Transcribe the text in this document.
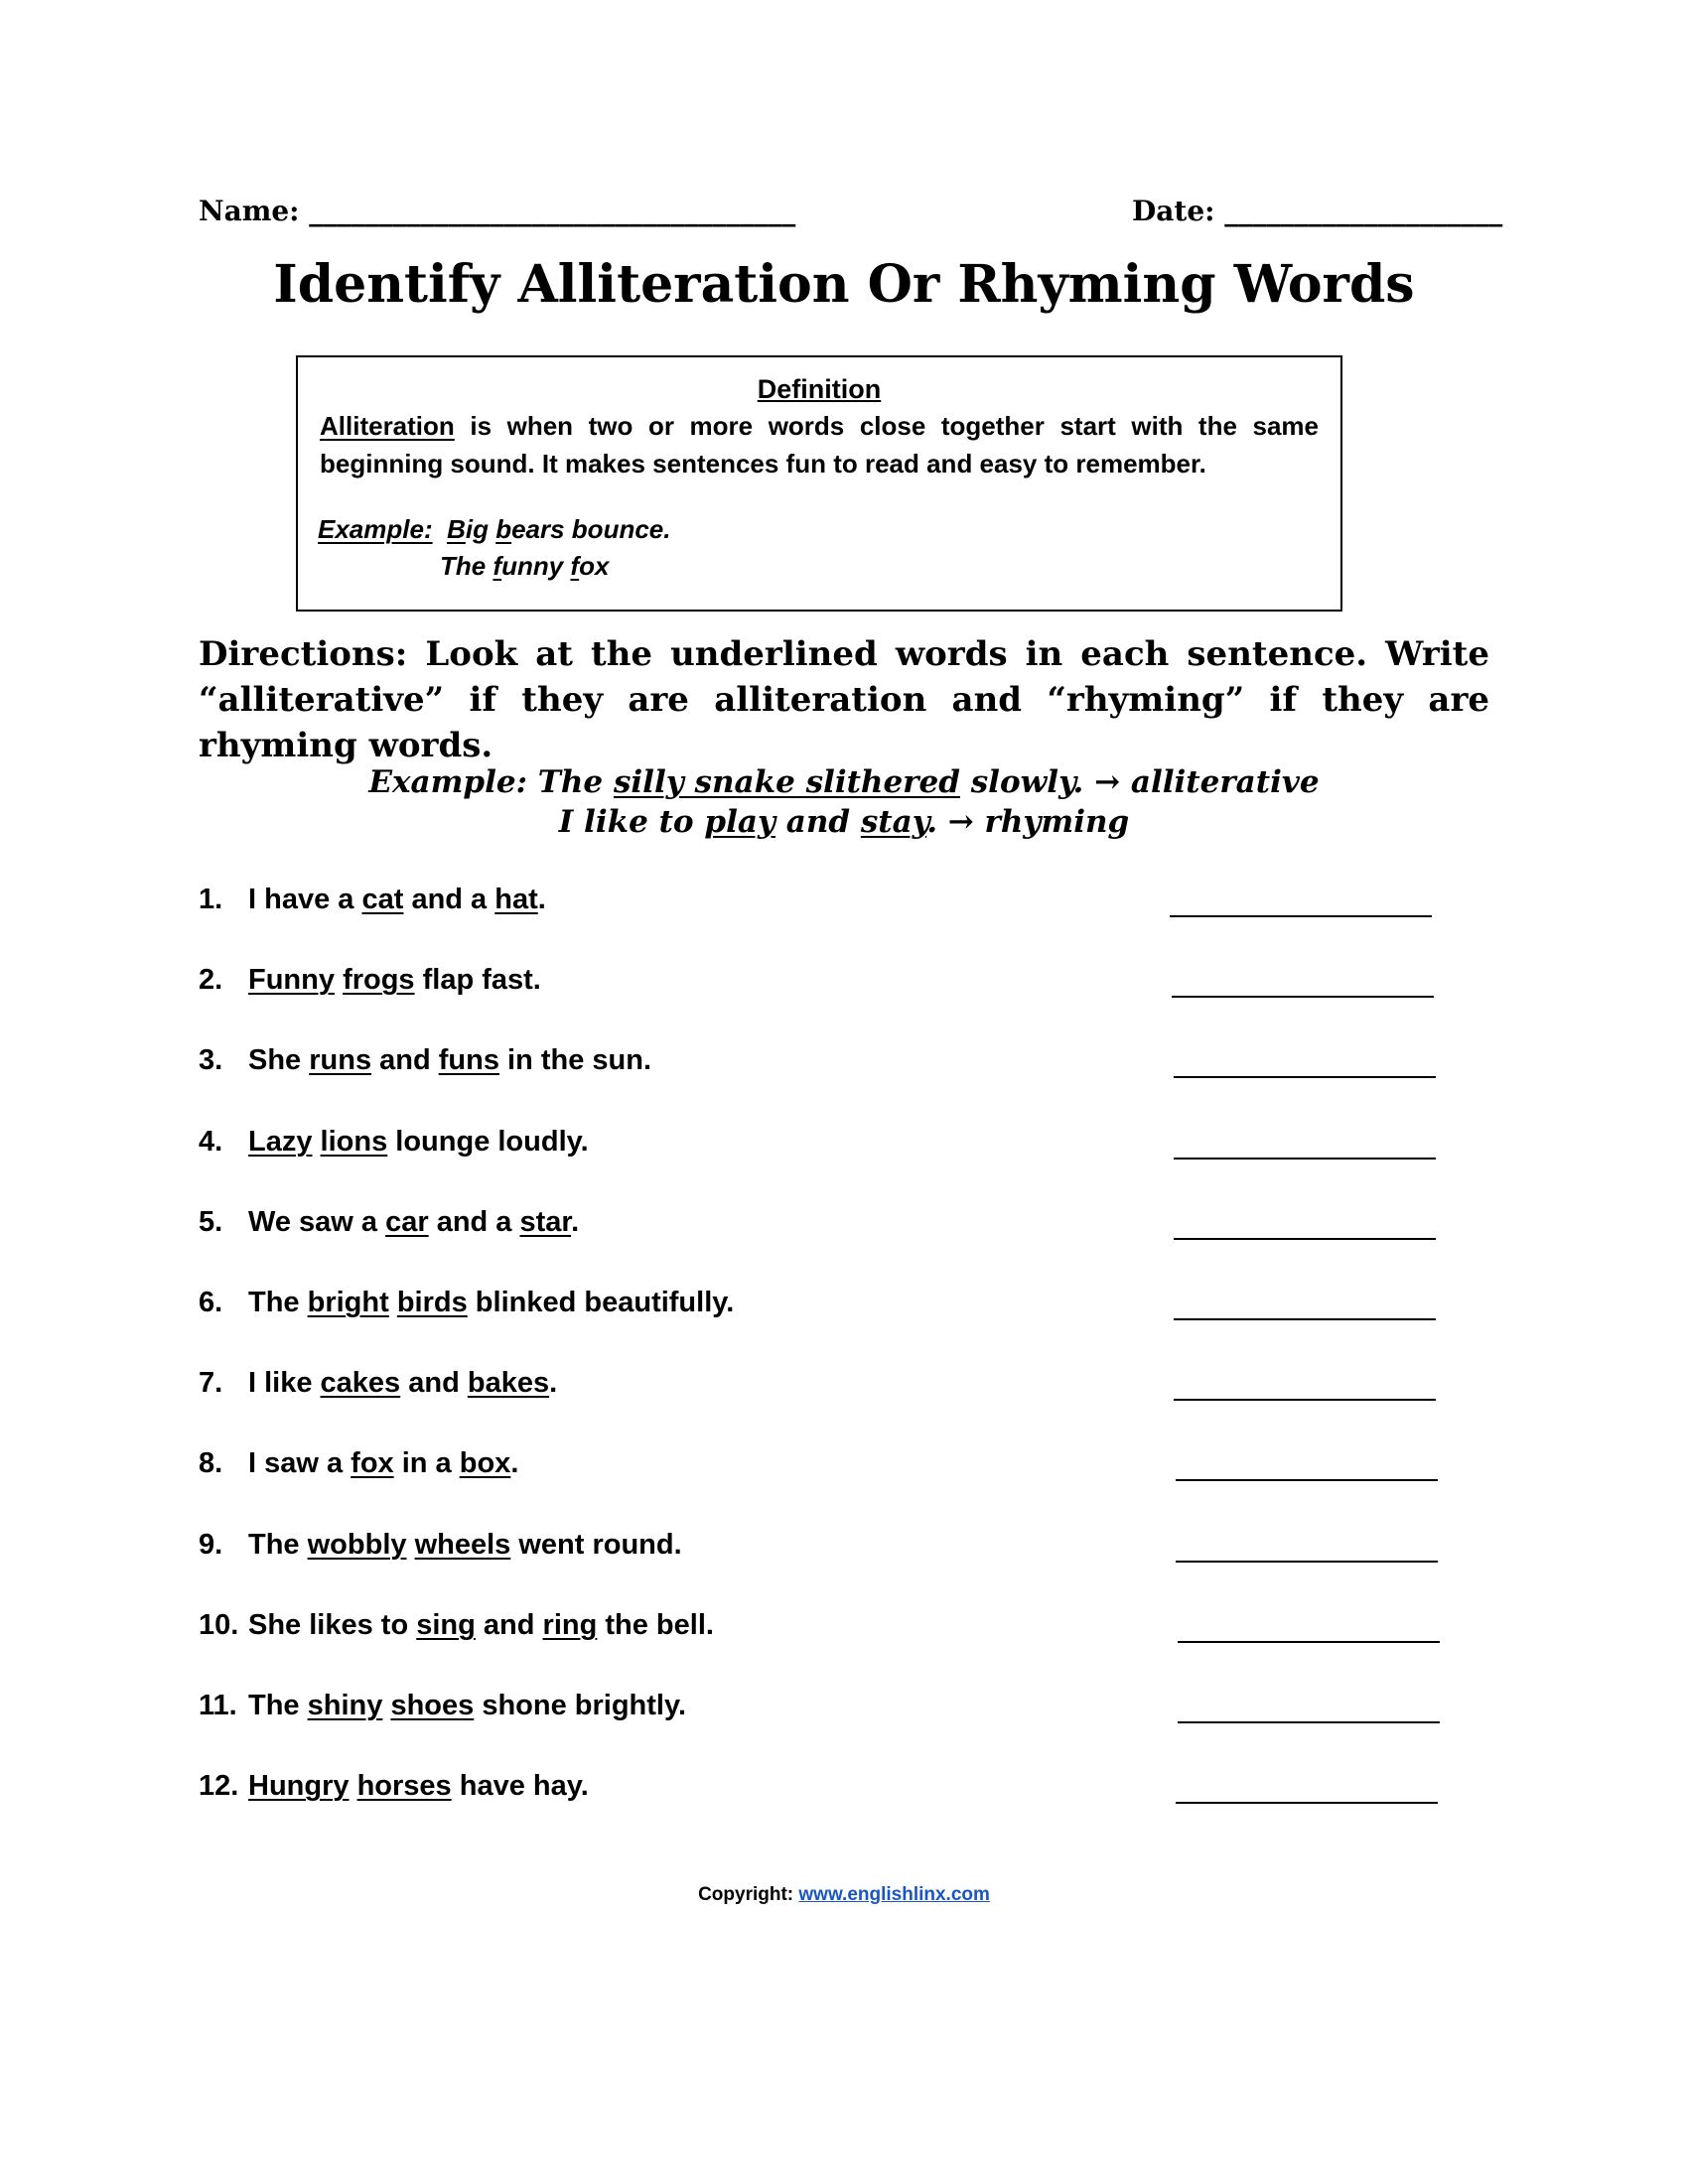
Name: ___________________________________	Date: ____________________
Identify Alliteration Or Rhyming Words
Definition
Alliteration is when two or more words close together start with the same beginning sound. It makes sentences fun to read and easy to remember.
Example: Big bears bounce.
The funny fox
Directions: Look at the underlined words in each sentence. Write “alliterative” if they are alliteration and “rhyming” if they are rhyming words.
Example: The silly snake slithered slowly. → alliterative
I like to play and stay. → rhyming
1. I have a cat and a hat.
2. Funny frogs flap fast.
3. She runs and funs in the sun.
4. Lazy lions lounge loudly.
5. We saw a car and a star.
6. The bright birds blinked beautifully.
7. I like cakes and bakes.
8. I saw a fox in a box.
9. The wobbly wheels went round.
10. She likes to sing and ring the bell.
11. The shiny shoes shone brightly.
12. Hungry horses have hay.
Copyright: www.englishlinx.com
